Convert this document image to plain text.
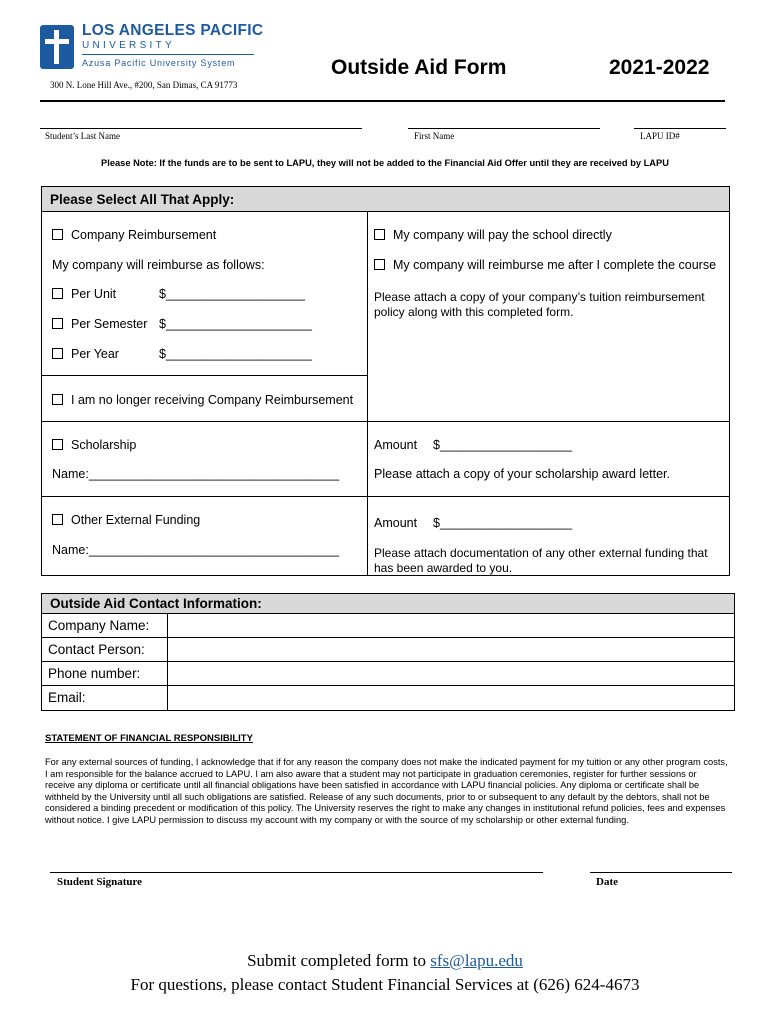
LOS ANGELES PACIFIC
UNIVERSITY
Azusa Pacific University System
300 N. Lone Hill Ave., #200, San Dimas, CA 91773
Outside Aid Form	2021-2022
Student’s Last Name	First Name	LAPU ID#
Please Note: If the funds are to be sent to LAPU, they will not be added to the Financial Aid Offer until they are received by LAPU
Please Select All That Apply:
Company Reimbursement
My company will reimburse as follows:
Per Unit	$____________________
Per Semester $_____________________
Per Year	$_____________________
My company will pay the school directly
My company will reimburse me after I complete the course
Please attach a copy of your company’s tuition reimbursement policy along with this completed form.
I am no longer receiving Company Reimbursement
Scholarship
Name:____________________________________
Amount $___________________
Please attach a copy of your scholarship award letter.
Other External Funding
Name:____________________________________
Amount $___________________
Please attach documentation of any other external funding that has been awarded to you.
Outside Aid Contact Information:
Company Name:
Contact Person:
Phone number:
Email:
STATEMENT OF FINANCIAL RESPONSIBILITY
For any external sources of funding, I acknowledge that if for any reason the company does not make the indicated payment for my tuition or any other program costs, I am responsible for the balance accrued to LAPU. I am also aware that a student may not participate in graduation ceremonies, register for further sessions or receive any diploma or certificate until all financial obligations have been satisfied in accordance with LAPU financial policies. Any diploma or certificate shall be withheld by the University until all such obligations are satisfied. Release of any such documents, prior to or subsequent to any default by the debtors, shall not be considered a binding precedent or modification of this policy. The University reserves the right to make any changes in institutional refund policies, fees and expenses without notice. I give LAPU permission to discuss my account with my company or with the source of my scholarship or other external funding.
Student Signature	Date
Submit completed form to sfs@lapu.edu
For questions, please contact Student Financial Services at (626) 624-4673
